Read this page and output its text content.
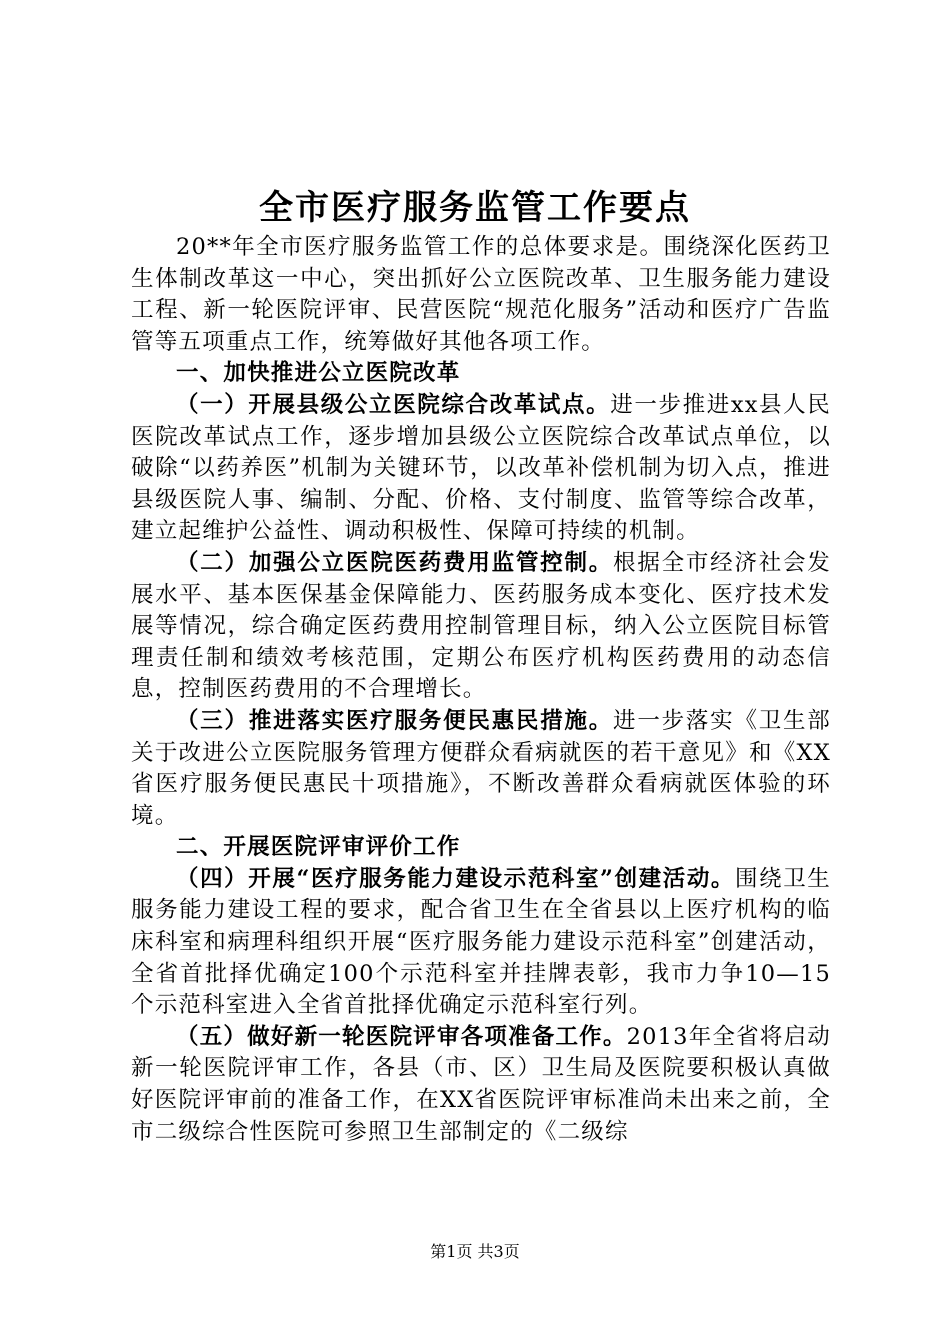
全市医疗服务监管工作要点

20**年全市医疗服务监管工作的总体要求是。围绕深化医药卫生体制改革这一中心，突出抓好公立医院改革、卫生服务能力建设工程、新一轮医院评审、民营医院“规范化服务”活动和医疗广告监管等五项重点工作，统筹做好其他各项工作。

一、加快推进公立医院改革

（一）开展县级公立医院综合改革试点。进一步推进xx县人民医院改革试点工作，逐步增加县级公立医院综合改革试点单位，以破除“以药养医”机制为关键环节，以改革补偿机制为切入点，推进县级医院人事、编制、分配、价格、支付制度、监管等综合改革，建立起维护公益性、调动积极性、保障可持续的机制。

（二）加强公立医院医药费用监管控制。根据全市经济社会发展水平、基本医保基金保障能力、医药服务成本变化、医疗技术发展等情况，综合确定医药费用控制管理目标，纳入公立医院目标管理责任制和绩效考核范围，定期公布医疗机构医药费用的动态信息，控制医药费用的不合理增长。

（三）推进落实医疗服务便民惠民措施。进一步落实《卫生部关于改进公立医院服务管理方便群众看病就医的若干意见》和《XX省医疗服务便民惠民十项措施》，不断改善群众看病就医体验的环境。

二、开展医院评审评价工作

（四）开展“医疗服务能力建设示范科室”创建活动。围绕卫生服务能力建设工程的要求，配合省卫生在全省县以上医疗机构的临床科室和病理科组织开展“医疗服务能力建设示范科室”创建活动，全省首批择优确定100个示范科室并挂牌表彰，我市力争10—15个示范科室进入全省首批择优确定示范科室行列。

（五）做好新一轮医院评审各项准备工作。2013年全省将启动新一轮医院评审工作，各县（市、区）卫生局及医院要积极认真做好医院评审前的准备工作，在XX省医院评审标准尚未出来之前，全市二级综合性医院可参照卫生部制定的《二级综

第1页 共3页
